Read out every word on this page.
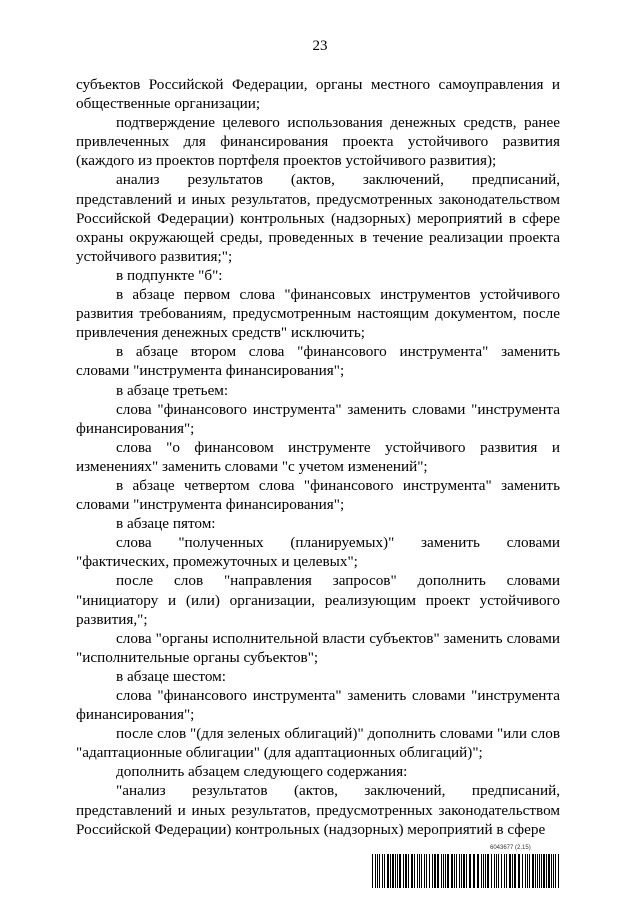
23

субъектов Российской Федерации, органы местного самоуправления и общественные организации;

подтверждение целевого использования денежных средств, ранее привлеченных для финансирования проекта устойчивого развития (каждого из проектов портфеля проектов устойчивого развития);

анализ результатов (актов, заключений, предписаний, представлений и иных результатов, предусмотренных законодательством Российской Федерации) контрольных (надзорных) мероприятий в сфере охраны окружающей среды, проведенных в течение реализации проекта устойчивого развития;";

в подпункте "б":

в абзаце первом слова "финансовых инструментов устойчивого развития требованиям, предусмотренным настоящим документом, после привлечения денежных средств" исключить;

в абзаце втором слова "финансового инструмента" заменить словами "инструмента финансирования";

в абзаце третьем:

слова "финансового инструмента" заменить словами "инструмента финансирования";

слова "о финансовом инструменте устойчивого развития и изменениях" заменить словами "с учетом изменений";

в абзаце четвертом слова "финансового инструмента" заменить словами "инструмента финансирования";

в абзаце пятом:

слова "полученных (планируемых)" заменить словами "фактических, промежуточных и целевых";

после слов "направления запросов" дополнить словами "инициатору и (или) организации, реализующим проект устойчивого развития,";

слова "органы исполнительной власти субъектов" заменить словами "исполнительные органы субъектов";

в абзаце шестом:

слова "финансового инструмента" заменить словами "инструмента финансирования";

после слов "(для зеленых облигаций)" дополнить словами "или слов "адаптационные облигации" (для адаптационных облигаций)";

дополнить абзацем следующего содержания:

"анализ результатов (актов, заключений, предписаний, представлений и иных результатов, предусмотренных законодательством Российской Федерации) контрольных (надзорных) мероприятий в сфере

6043677 (2.15)
